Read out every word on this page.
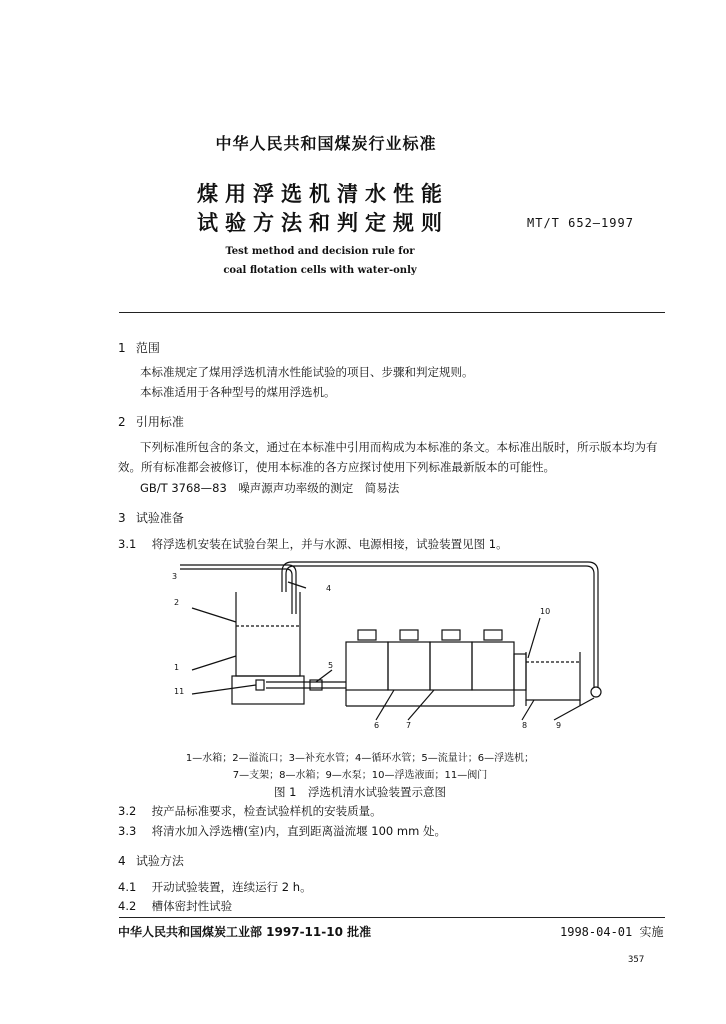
中华人民共和国煤炭行业标准
煤用浮选机清水性能
试验方法和判定规则	MT/T 652—1997
Test method and decision rule for
coal flotation cells with water-only
1 范围
本标准规定了煤用浮选机清水性能试验的项目、步骤和判定规则。
本标准适用于各种型号的煤用浮选机。
2 引用标准
下列标准所包含的条文，通过在本标准中引用而构成为本标准的条文。本标准出版时，所示版本均为有效。所有标准都会被修订，使用本标准的各方应探讨使用下列标准最新版本的可能性。
GB/T 3768—83　噪声源声功率级的测定　简易法
3 试验准备
3.1 将浮选机安装在试验台架上，并与水源、电源相接，试验装置见图 1。
3
2
1
11
4
5
6	7	8	9
10
1—水箱；2—溢流口；3—补充水管；4—循环水管；5—流量计；6—浮选机；
7—支架；8—水箱；9—水泵；10—浮选液面；11—阀门
图 1　浮选机清水试验装置示意图
3.2 按产品标准要求，检查试验样机的安装质量。
3.3 将清水加入浮选槽(室)内，直到距离溢流堰 100 mm 处。
4 试验方法
4.1 开动试验装置，连续运行 2 h。
4.2 槽体密封性试验
中华人民共和国煤炭工业部 1997-11-10 批准	1998-04-01 实施
357
